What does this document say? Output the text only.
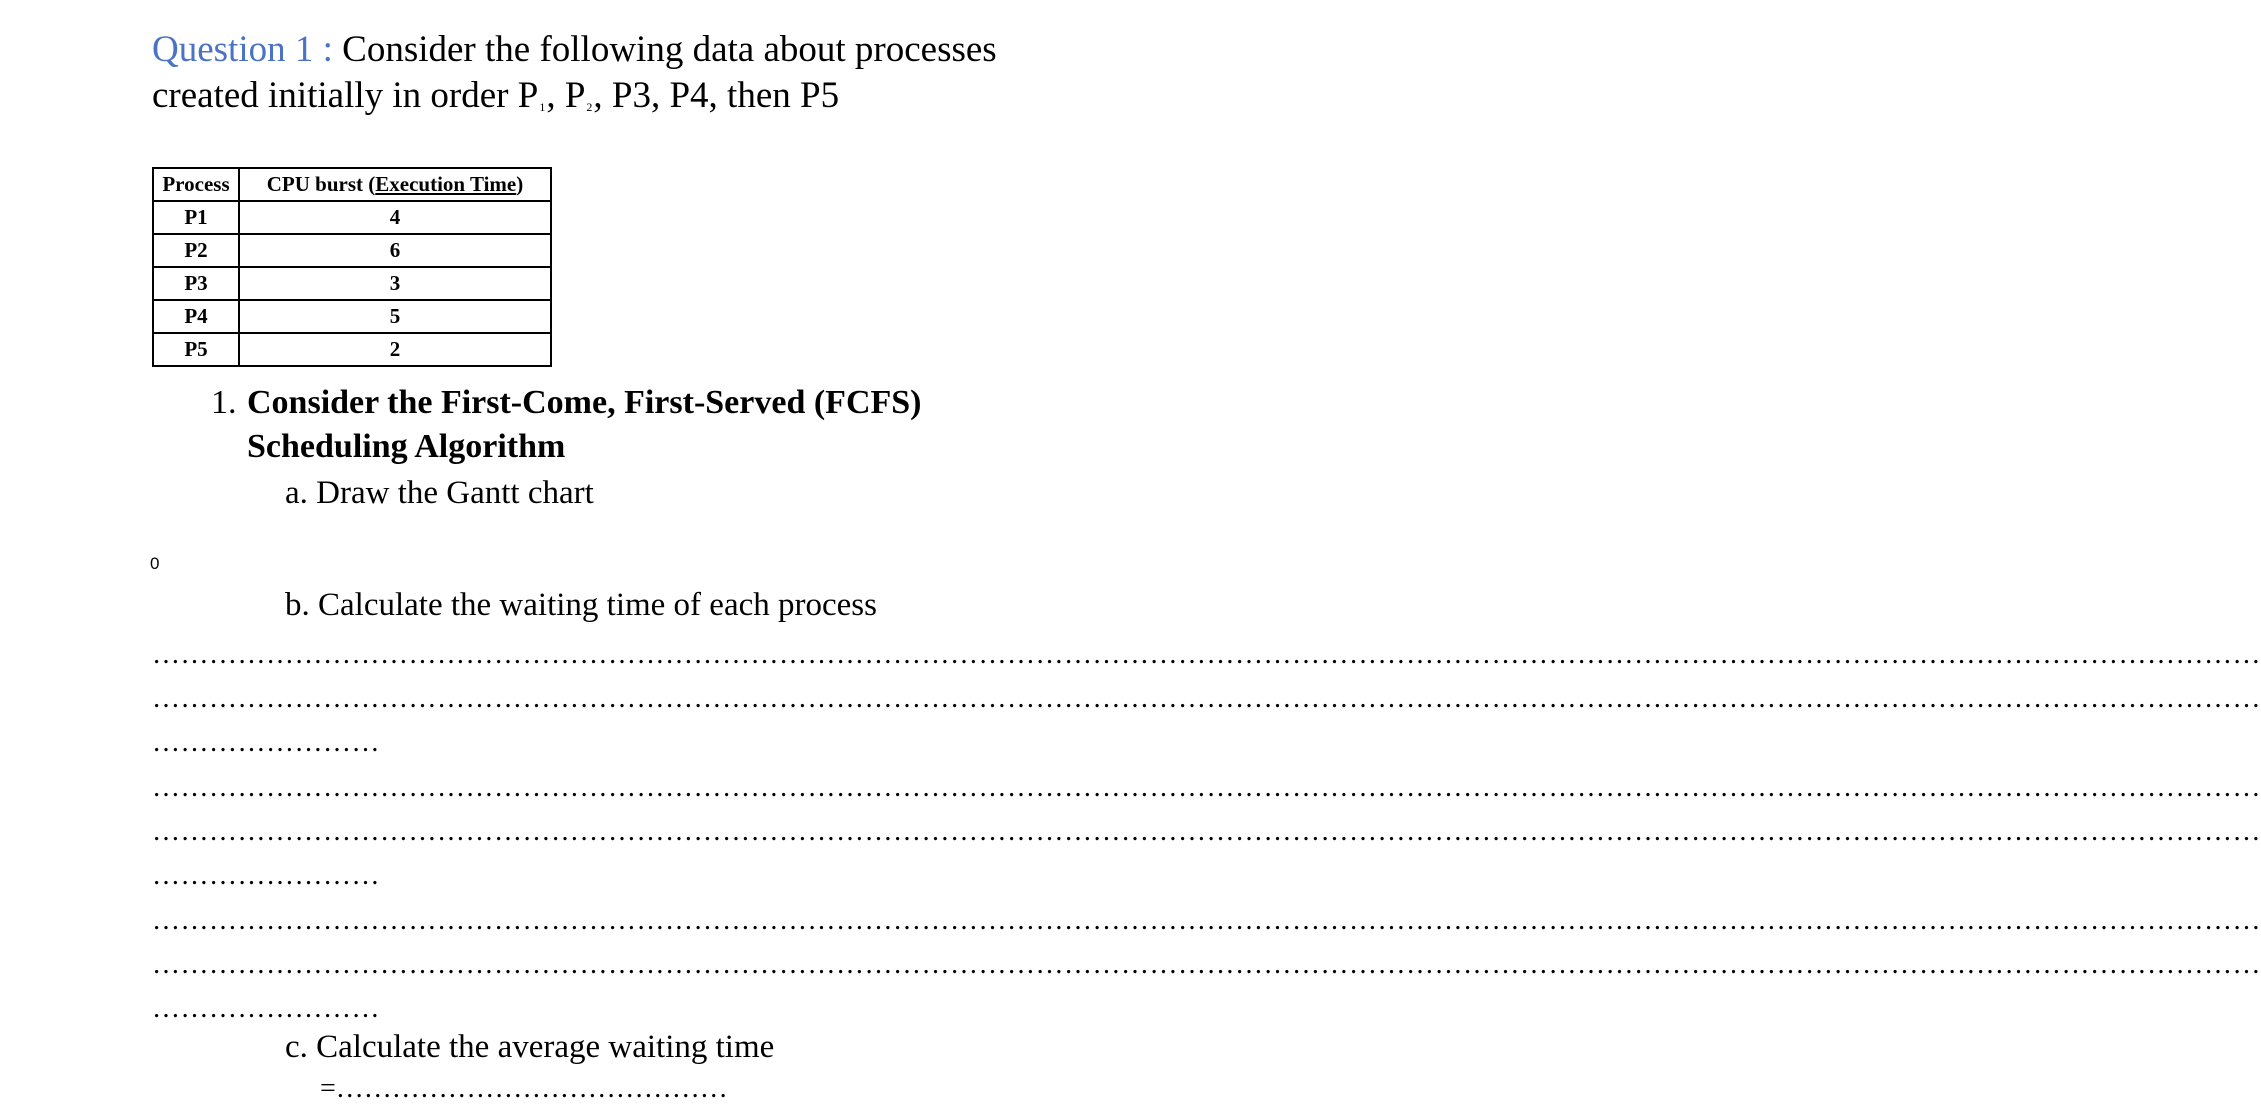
Question 1 : Consider the following data about processes
created initially in order $P_1$, $P_2$, P3, P4, then P5
Process	CPU burst (Execution Time)
P1	4
P2	6
P3	3
P4	5
P5	2
1. Consider the First-Come, First-Served (FCFS)
Scheduling Algorithm
a. Draw the Gantt chart
0
b. Calculate the waiting time of each process
……………………………………………………………………………………………………………………………………………………………………………………………………
……………………………………………………………………………………………………………………………………………………………………………………………………
……………………
……………………………………………………………………………………………………………………………………………………………………………………………………
……………………………………………………………………………………………………………………………………………………………………………………………………
……………………
……………………………………………………………………………………………………………………………………………………………………………………………………
……………………………………………………………………………………………………………………………………………………………………………………………………
……………………
c. Calculate the average waiting time
=……………………………………
